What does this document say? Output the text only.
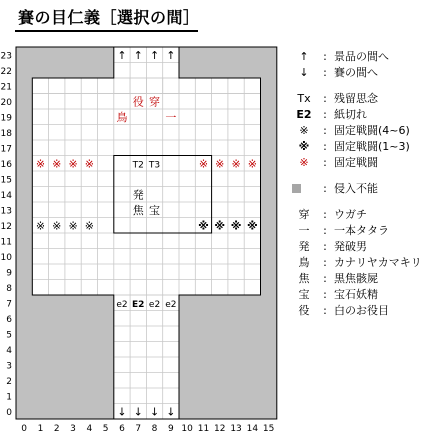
賽の目仁義［選択の間］
0
1
2
3
4
5
6
7
8
9
10
11
12
13
14
15
16
17
18
19
20
21
22
23
0 1 2 3 4 5 6 7 8 9 10 11 12 13 14 15
↑ ↑ ↑ ↑
↓ ↓ ↓ ↓
役 穿
鳥	一
※ ※ ※ ※	※ ※ ※ ※
T2 T3
発
焦 宝
※ ※ ※ ※	※ ※ ※ ※
e2 E2 e2 e2
↑	: 景品の間へ
↓	: 賽の間へ
Tx	: 残留思念
E2	: 紙切れ
※	: 固定戦闘(4~6)
※	: 固定戦闘(1~3)
※	: 固定戦闘
: 侵入不能
穿	: ウガチ
一	: 一本タタラ
発	: 発破男
鳥	: カナリヤカマキリ
焦	: 黒焦骸屍
宝	: 宝石妖精
役	: 白のお役目
